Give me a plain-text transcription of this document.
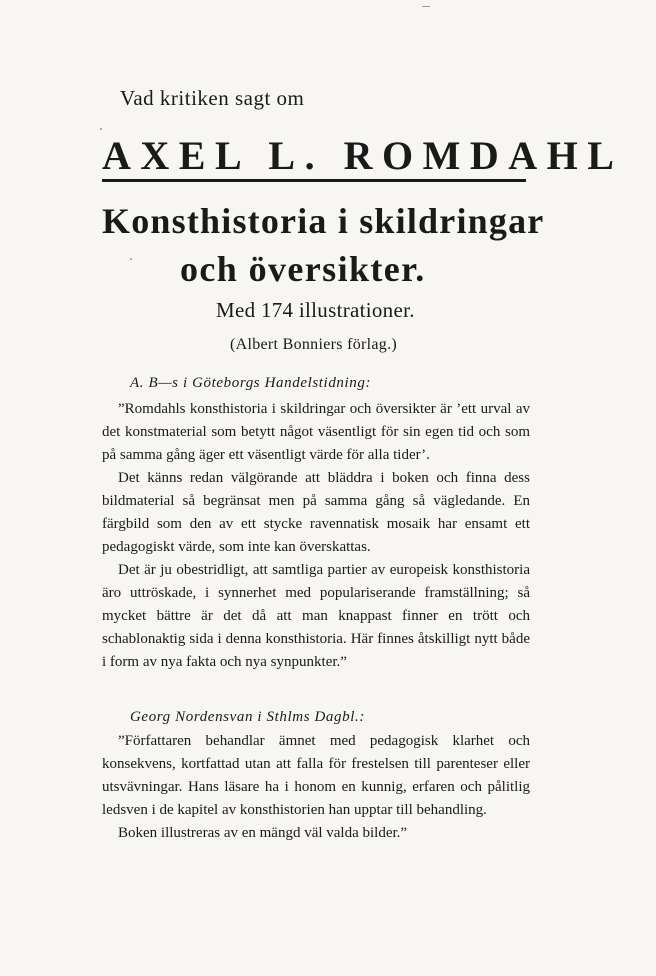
Vad kritiken sagt om
AXEL L. ROMDAHL
Konsthistoria i skildringar
och översikter.
Med 174 illustrationer.
(Albert Bonniers förlag.)
A. B—s i Göteborgs Handelstidning:

”Romdahls konsthistoria i skildringar och översikter är ’ett urval av det konstmaterial som betytt något väsentligt för sin egen tid och som på samma gång äger ett väsentligt värde för alla tider’.

Det känns redan välgörande att bläddra i boken och finna dess bildmaterial så begränsat men på samma gång så vägledande. En färgbild som den av ett stycke ravennatisk mosaik har ensamt ett pedagogiskt värde, som inte kan överskattas.

Det är ju obestridligt, att samtliga partier av europeisk konsthistoria äro uttröskade, i synnerhet med populariserande framställning; så mycket bättre är det då att man knappast finner en trött och schablonaktig sida i denna konsthistoria. Här finnes åtskilligt nytt både i form av nya fakta och nya synpunkter.”

Georg Nordensvan i Sthlms Dagbl.:

”Författaren behandlar ämnet med pedagogisk klarhet och konsekvens, kortfattad utan att falla för frestelsen till parenteser eller utsvävningar. Hans läsare ha i honom en kunnig, erfaren och pålitlig ledsven i de kapitel av konsthistorien han upptar till behandling.

Boken illustreras av en mängd väl valda bilder.”
